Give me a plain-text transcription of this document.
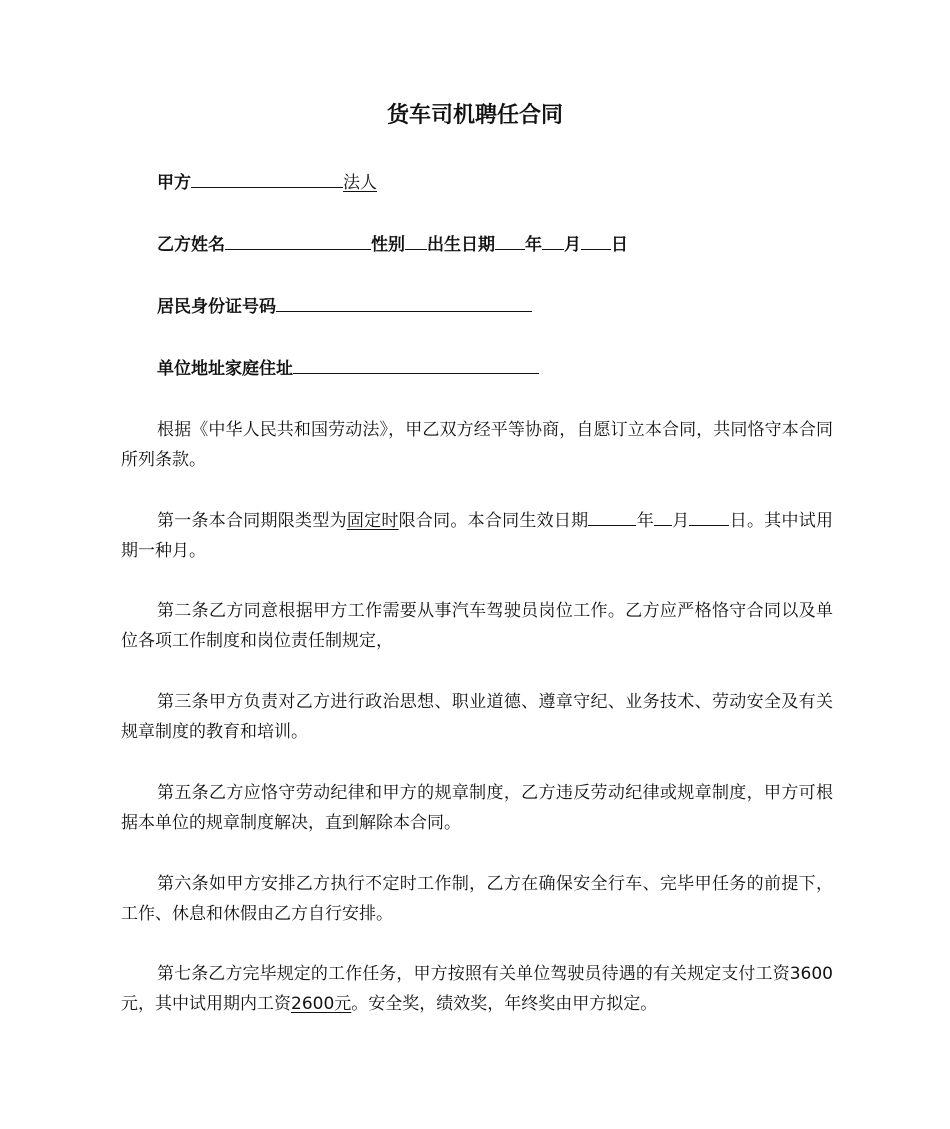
货车司机聘任合同
甲方	法人
乙方姓名	性别 出生日期 年 月 日
居民身份证号码
单位地址家庭住址
根据《中华人民共和国劳动法》，甲乙双方经平等协商，自愿订立本合同，共同恪守本合同所列条款。
第一条本合同期限类型为固定时限合同。本合同生效日期	年 月 日。其中试用期一种月。
第二条乙方同意根据甲方工作需要从事汽车驾驶员岗位工作。乙方应严格恪守合同以及单位各项工作制度和岗位责任制规定，
第三条甲方负责对乙方进行政治思想、职业道德、遵章守纪、业务技术、劳动安全及有关规章制度的教育和培训。
第五条乙方应恪守劳动纪律和甲方的规章制度，乙方违反劳动纪律或规章制度，甲方可根据本单位的规章制度解决，直到解除本合同。
第六条如甲方安排乙方执行不定时工作制，乙方在确保安全行车、完毕甲任务的前提下，工作、休息和休假由乙方自行安排。
第七条乙方完毕规定的工作任务，甲方按照有关单位驾驶员待遇的有关规定支付工资3600元，其中试用期内工资2600元。安全奖，绩效奖，年终奖由甲方拟定。
